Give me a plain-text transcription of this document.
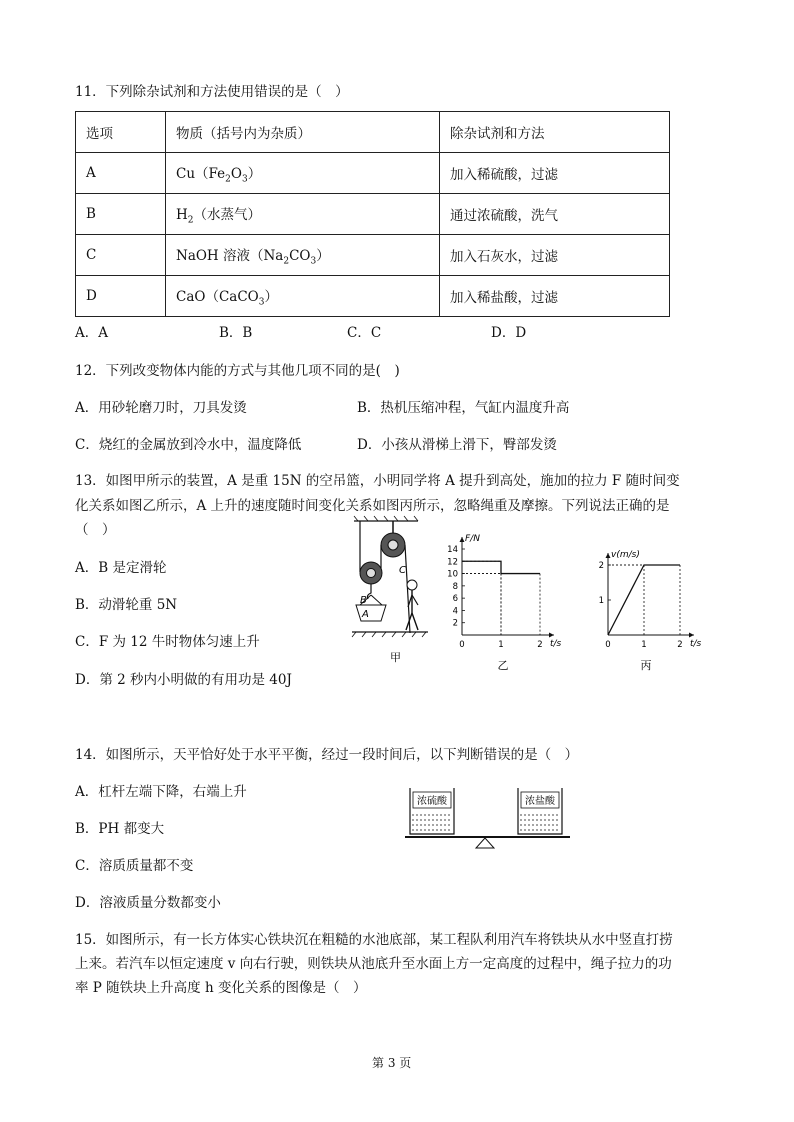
11．下列除杂试剂和方法使用错误的是（　）
选项	物质（括号内为杂质）	除杂试剂和方法
A	$Cu(Fe_2O_3)$	加入稀硫酸，过滤
B	$H_2$（水蒸气）	通过浓硫酸，洗气
C	NaOH 溶液$(Na_2CO_3)$	加入石灰水，过滤
D	CaO（CaCO$_3$）	加入稀盐酸，过滤
A．A	B．B	C．C	D．D
12．下列改变物体内能的方式与其他几项不同的是(　)
A．用砂轮磨刀时，刀具发烫	B．热机压缩冲程，气缸内温度升高
C．烧红的金属放到冷水中，温度降低	D．小孩从滑梯上滑下，臀部发烫
13．如图甲所示的装置，A 是重 15N 的空吊篮，小明同学将 A 提升到高处，施加的拉力 F 随时间变
化关系如图乙所示，A 上升的速度随时间变化关系如图丙所示，忽略绳重及摩擦。下列说法正确的是
（　）
A．B 是定滑轮
B．动滑轮重 5N
C．F 为 12 牛时物体匀速上升
D．第 2 秒内小明做的有用功是 40J
A
B
C
甲
F/N
t/s
2
4
6
8
10
12
14
0	1	2
乙
v(m/s)
t/s
1
2
0	1	2
丙
14．如图所示，天平恰好处于水平平衡，经过一段时间后，以下判断错误的是（　）
A．杠杆左端下降，右端上升
B．PH 都变大
C．溶质质量都不变
D．溶液质量分数都变小
浓硫酸	浓盐酸
15．如图所示，有一长方体实心铁块沉在粗糙的水池底部，某工程队利用汽车将铁块从水中竖直打捞
上来。若汽车以恒定速度 v 向右行驶，则铁块从池底升至水面上方一定高度的过程中，绳子拉力的功
率 P 随铁块上升高度 h 变化关系的图像是（　）
第 3 页
